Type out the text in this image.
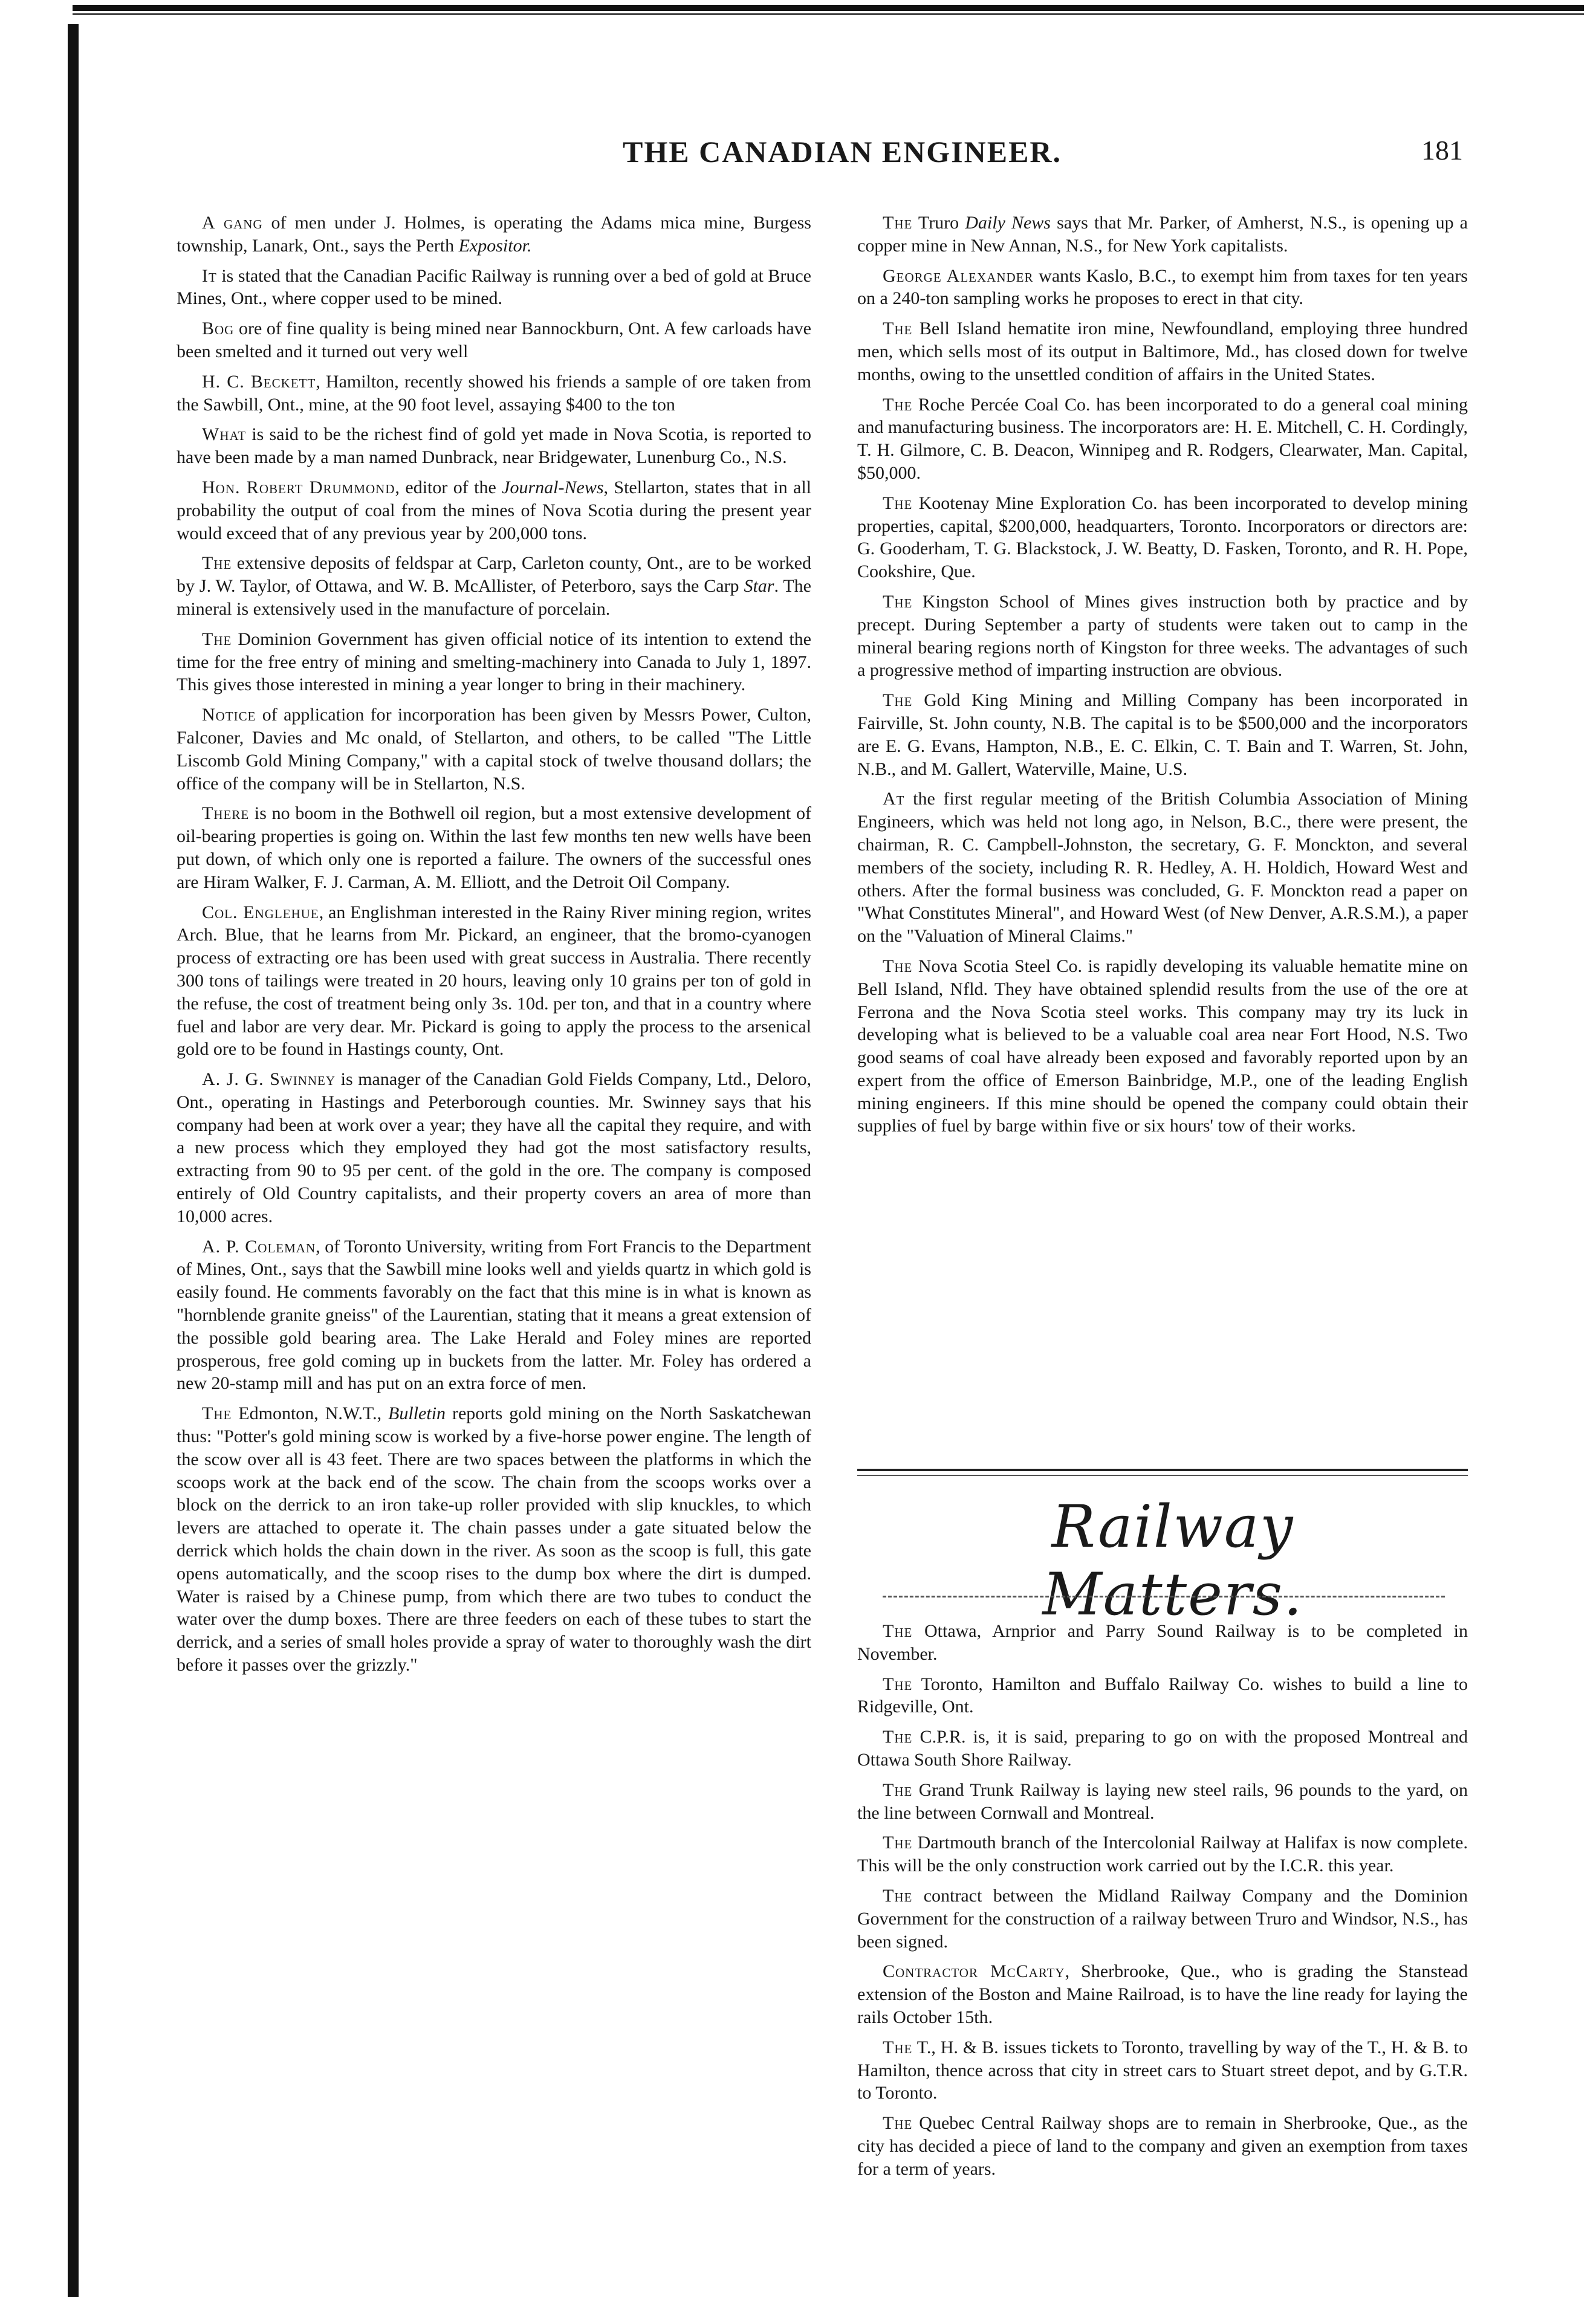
THE CANADIAN ENGINEER.	181

A gang of men under J. Holmes, is operating the Adams mica mine, Burgess township, Lanark, Ont., says the Perth Expositor.

It is stated that the Canadian Pacific Railway is running over a bed of gold at Bruce Mines, Ont., where copper used to be mined.

Bog ore of fine quality is being mined near Bannockburn, Ont. A few carloads have been smelted and it turned out very well

H. C. Beckett, Hamilton, recently showed his friends a sample of ore taken from the Sawbill, Ont., mine, at the 90 foot level, assaying $400 to the ton

What is said to be the richest find of gold yet made in Nova Scotia, is reported to have been made by a man named Dunbrack, near Bridgewater, Lunenburg Co., N.S.

Hon. Robert Drummond, editor of the Journal-News, Stellarton, states that in all probability the output of coal from the mines of Nova Scotia during the present year would exceed that of any previous year by 200,000 tons.

The extensive deposits of feldspar at Carp, Carleton county, Ont., are to be worked by J. W. Taylor, of Ottawa, and W. B. McAllister, of Peterboro, says the Carp Star. The mineral is extensively used in the manufacture of porcelain.

The Dominion Government has given official notice of its intention to extend the time for the free entry of mining and smelting-machinery into Canada to July 1, 1897. This gives those interested in mining a year longer to bring in their machinery.

Notice of application for incorporation has been given by Messrs Power, Culton, Falconer, Davies and Mc onald, of Stellarton, and others, to be called "The Little Liscomb Gold Mining Company," with a capital stock of twelve thousand dollars; the office of the company will be in Stellarton, N.S.

There is no boom in the Bothwell oil region, but a most extensive development of oil-bearing properties is going on. Within the last few months ten new wells have been put down, of which only one is reported a failure. The owners of the successful ones are Hiram Walker, F. J. Carman, A. M. Elliott, and the Detroit Oil Company.

Col. Englehue, an Englishman interested in the Rainy River mining region, writes Arch. Blue, that he learns from Mr. Pickard, an engineer, that the bromo-cyanogen process of extracting ore has been used with great success in Australia. There recently 300 tons of tailings were treated in 20 hours, leaving only 10 grains per ton of gold in the refuse, the cost of treatment being only 3s. 10d. per ton, and that in a country where fuel and labor are very dear. Mr. Pickard is going to apply the process to the arsenical gold ore to be found in Hastings county, Ont.

A. J. G. Swinney is manager of the Canadian Gold Fields Company, Ltd., Deloro, Ont., operating in Hastings and Peterborough counties. Mr. Swinney says that his company had been at work over a year; they have all the capital they require, and with a new process which they employed they had got the most satisfactory results, extracting from 90 to 95 per cent. of the gold in the ore. The company is composed entirely of Old Country capitalists, and their property covers an area of more than 10,000 acres.

A. P. Coleman, of Toronto University, writing from Fort Francis to the Department of Mines, Ont., says that the Sawbill mine looks well and yields quartz in which gold is easily found. He comments favorably on the fact that this mine is in what is known as "hornblende granite gneiss" of the Laurentian, stating that it means a great extension of the possible gold bearing area. The Lake Herald and Foley mines are reported prosperous, free gold coming up in buckets from the latter. Mr. Foley has ordered a new 20-stamp mill and has put on an extra force of men.

The Edmonton, N.W.T., Bulletin reports gold mining on the North Saskatchewan thus: "Potter's gold mining scow is worked by a five-horse power engine. The length of the scow over all is 43 feet. There are two spaces between the platforms in which the scoops work at the back end of the scow. The chain from the scoops works over a block on the derrick to an iron take-up roller provided with slip knuckles, to which levers are attached to operate it. The chain passes under a gate situated below the derrick which holds the chain down in the river. As soon as the scoop is full, this gate opens automatically, and the scoop rises to the dump box where the dirt is dumped. Water is raised by a Chinese pump, from which there are two tubes to conduct the water over the dump boxes. There are three feeders on each of these tubes to start the derrick, and a series of small holes provide a spray of water to thoroughly wash the dirt before it passes over the grizzly."

The Truro Daily News says that Mr. Parker, of Amherst, N.S., is opening up a copper mine in New Annan, N.S., for New York capitalists.

George Alexander wants Kaslo, B.C., to exempt him from taxes for ten years on a 240-ton sampling works he proposes to erect in that city.

The Bell Island hematite iron mine, Newfoundland, employing three hundred men, which sells most of its output in Baltimore, Md., has closed down for twelve months, owing to the unsettled condition of affairs in the United States.

The Roche Percée Coal Co. has been incorporated to do a general coal mining and manufacturing business. The incorporators are: H. E. Mitchell, C. H. Cordingly, T. H. Gilmore, C. B. Deacon, Winnipeg and R. Rodgers, Clearwater, Man. Capital, $50,000.

The Kootenay Mine Exploration Co. has been incorporated to develop mining properties, capital, $200,000, headquarters, Toronto. Incorporators or directors are: G. Gooderham, T. G. Blackstock, J. W. Beatty, D. Fasken, Toronto, and R. H. Pope, Cookshire, Que.

The Kingston School of Mines gives instruction both by practice and by precept. During September a party of students were taken out to camp in the mineral bearing regions north of Kingston for three weeks. The advantages of such a progressive method of imparting instruction are obvious.

The Gold King Mining and Milling Company has been incorporated in Fairville, St. John county, N.B. The capital is to be $500,000 and the incorporators are E. G. Evans, Hampton, N.B., E. C. Elkin, C. T. Bain and T. Warren, St. John, N.B., and M. Gallert, Waterville, Maine, U.S.

At the first regular meeting of the British Columbia Association of Mining Engineers, which was held not long ago, in Nelson, B.C., there were present, the chairman, R. C. Campbell-Johnston, the secretary, G. F. Monckton, and several members of the society, including R. R. Hedley, A. H. Holdich, Howard West and others. After the formal business was concluded, G. F. Monckton read a paper on "What Constitutes Mineral", and Howard West (of New Denver, A.R.S.M.), a paper on the "Valuation of Mineral Claims."

The Nova Scotia Steel Co. is rapidly developing its valuable hematite mine on Bell Island, Nfld. They have obtained splendid results from the use of the ore at Ferrona and the Nova Scotia steel works. This company may try its luck in developing what is believed to be a valuable coal area near Fort Hood, N.S. Two good seams of coal have already been exposed and favorably reported upon by an expert from the office of Emerson Bainbridge, M.P., one of the leading English mining engineers. If this mine should be opened the company could obtain their supplies of fuel by barge within five or six hours' tow of their works.

Railway Matters.

The Ottawa, Arnprior and Parry Sound Railway is to be completed in November.

The Toronto, Hamilton and Buffalo Railway Co. wishes to build a line to Ridgeville, Ont.

The C.P.R. is, it is said, preparing to go on with the proposed Montreal and Ottawa South Shore Railway.

The Grand Trunk Railway is laying new steel rails, 96 pounds to the yard, on the line between Cornwall and Montreal.

The Dartmouth branch of the Intercolonial Railway at Halifax is now complete. This will be the only construction work carried out by the I.C.R. this year.

The contract between the Midland Railway Company and the Dominion Government for the construction of a railway between Truro and Windsor, N.S., has been signed.

Contractor McCarty, Sherbrooke, Que., who is grading the Stanstead extension of the Boston and Maine Railroad, is to have the line ready for laying the rails October 15th.

The T., H. & B. issues tickets to Toronto, travelling by way of the T., H. & B. to Hamilton, thence across that city in street cars to Stuart street depot, and by G.T.R. to Toronto.

The Quebec Central Railway shops are to remain in Sherbrooke, Que., as the city has decided a piece of land to the company and given an exemption from taxes for a term of years.
